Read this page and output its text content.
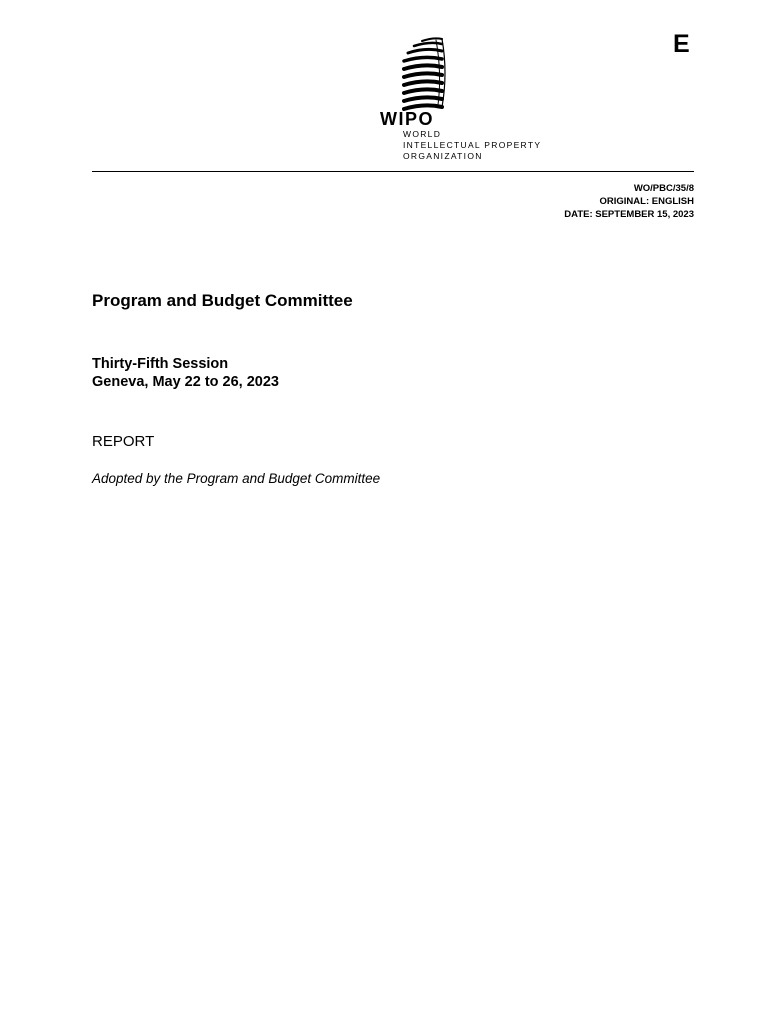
E
WIPO
WORLD
INTELLECTUAL PROPERTY
ORGANIZATION
WO/PBC/35/8
ORIGINAL: ENGLISH
DATE: SEPTEMBER 15, 2023
Program and Budget Committee
Thirty-Fifth Session
Geneva, May 22 to 26, 2023
REPORT
Adopted by the Program and Budget Committee
